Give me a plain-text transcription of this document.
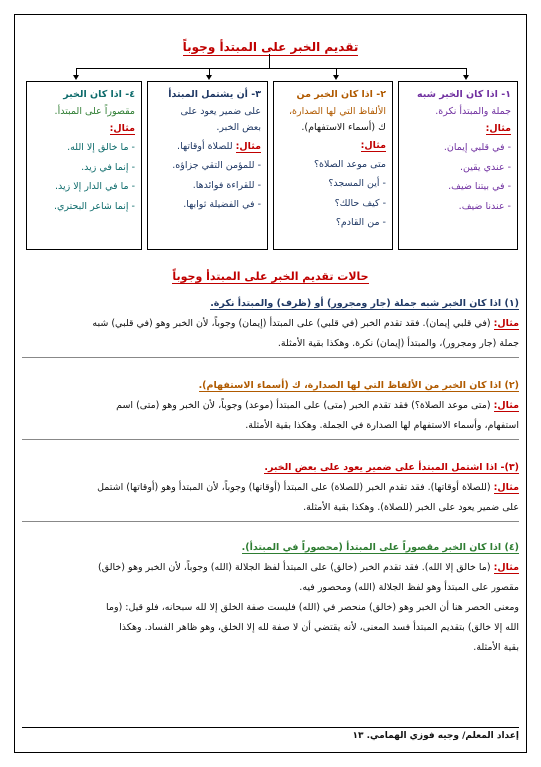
تقديم الخبر على المبتدأ وجوباً
١- اذا كان الخبر شبه
جملة والمبتدأ نكرة.
مثال:
- في قلبي إيمان.
- عندي يقين.
- في بيتنا ضيف.
- عندنا ضيف.
٢- اذا كان الخبر من
الألفاظ التي لها الصدارة،
ك (أسماء الاستفهام).
مثال:
متى موعد الصلاة؟
- أين المسجد؟
- كيف حالك؟
- من القادم؟
٣- أن يشتمل المبتدأ
على ضمير يعود على
بعض الخبر.
مثال: للصلاة أوقاتها.
- للمؤمن التقي جزاؤه.
- للقراءة فوائدها.
- في الفضيلة ثوابها.
٤- اذا كان الخبر
مقصوراً على المبتدأ.
مثال:
- ما خالق إلا الله.
- إنما في زيد.
- ما في الدار إلا زيد.
- إنما شاعر البحتري.
حالات تقديم الخبر على المبتدأ وجوباً

(١) اذا كان الخبر شبه جملة (جار ومجرور) أو (ظرف) والمبتدأ نكرة.

مثال: (في قلبي إيمان). فقد تقدم الخبر (في قلبي) على المبتدأ (إيمان) وجوباً، لأن الخبر وهو (في قلبي) شبه

جملة (جار ومجرور)، والمبتدأ (إيمان) نكرة. وهكذا بقية الأمثلة.

(٢) اذا كان الخبر من الألفاظ التي لها الصدارة، ك (أسماء الاستفهام).

مثال: (متى موعد الصلاة؟) فقد تقدم الخبر (متى) على المبتدأ (موعد) وجوباً، لأن الخبر وهو (متى) اسم

استفهام، وأسماء الاستفهام لها الصدارة في الجملة. وهكذا بقية الأمثلة.

(٣)- اذا اشتمل المبتدأ على ضمير يعود على بعض الخبر.

مثال: (للصلاة أوقاتها). فقد تقدم الخبر (للصلاة) على المبتدأ (أوقاتها) وجوباً، لأن المبتدأ وهو (أوقاتها) اشتمل

على ضمير يعود على الخبر (للصلاة). وهكذا بقية الأمثلة.

(٤) اذا كان الخبر مقصوراً على المبتدأ (محصوراً في المبتدأ).

مثال: (ما خالق إلا الله). فقد تقدم الخبر (خالق) على المبتدأ لفظ الجلالة (الله) وجوباً، لأن الخبر وهو (خالق)

مقصور على المبتدأ وهو لفظ الجلالة (الله) ومحصور فيه.

ومعنى الحصر هنا أن الخبر وهو (خالق) منحصر في (الله) فليست صفة الخلق إلا لله سبحانه، فلو قيل: (وما

الله إلا خالق) بتقديم المبتدأ فسد المعنى، لأنه يقتضي أن لا صفة لله إلا الخلق، وهو ظاهر الفساد. وهكذا

بقية الأمثلة.

إعداد المعلم/ وجيه فوزي الهمامي. ١٣
